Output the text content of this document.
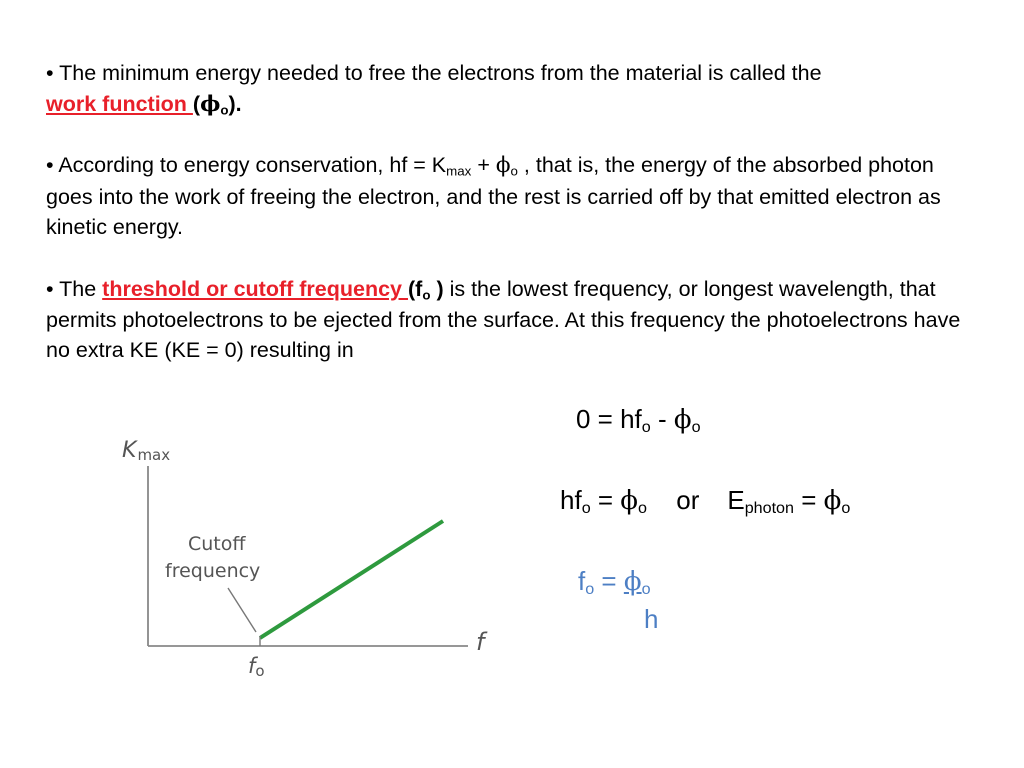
• The minimum energy needed to free the electrons from the material is called the
work function $(\phi_o)$.
• According to energy conservation, hf = $K_{max} + \phi_o$ , that is, the energy of the absorbed photon goes into the work of freeing the electron, and the rest is carried off by that emitted electron as kinetic energy.
• The threshold or cutoff frequency ($f_o$ ) is the lowest frequency, or longest wavelength, that permits photoelectrons to be ejected from the surface. At this frequency the photoelectrons have no extra KE (KE = 0) resulting in
$0 = hf_o - \phi_o$
$hf_o = \phi_o$ or $E_{photon} = \phi_o$
$f_o = \phi_o$
h
Kmax
f
Cutoff
frequency
fo
